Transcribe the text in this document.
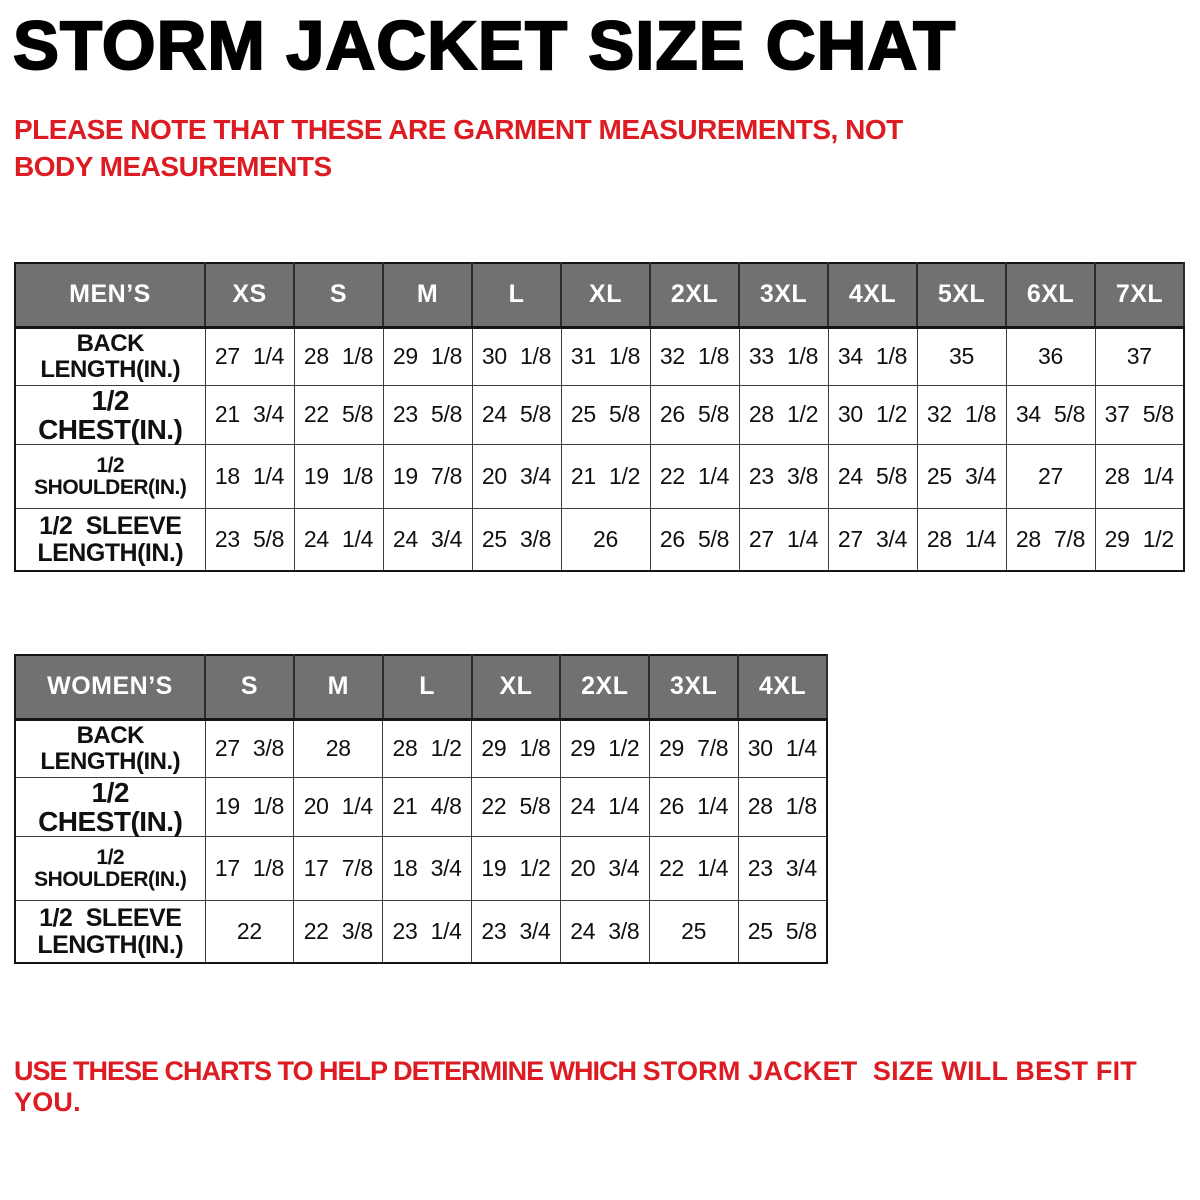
STORM JACKET SIZE CHAT

PLEASE NOTE THAT THESE ARE GARMENT MEASUREMENTS, NOT BODY MEASUREMENTS

MEN’S	XS	S	M	L	XL	2XL	3XL	4XL	5XL	6XL	7XL
BACK
LENGTH(IN.)	27 1/4	28 1/8	29 1/8	30 1/8	31 1/8	32 1/8	33 1/8	34 1/8	35	36	37
1/2 CHEST(IN.)	21 3/4	22 5/8	23 5/8	24 5/8	25 5/8	26 5/8	28 1/2	30 1/2	32 1/8	34 5/8	37 5/8
1/2 SHOULDER(IN.)	18 1/4	19 1/8	19 7/8	20 3/4	21 1/2	22 1/4	23 3/8	24 5/8	25 3/4	27	28 1/4
1/2 SLEEVE
LENGTH(IN.)	23 5/8	24 1/4	24 3/4	25 3/8	26	26 5/8	27 1/4	27 3/4	28 1/4	28 7/8	29 1/2
WOMEN’S	S	M	L	XL	2XL	3XL	4XL
BACK
LENGTH(IN.)	27 3/8	28	28 1/2	29 1/8	29 1/2	29 7/8	30 1/4
1/2 CHEST(IN.)	19 1/8	20 1/4	21 4/8	22 5/8	24 1/4	26 1/4	28 1/8
1/2 SHOULDER(IN.)	17 1/8	17 7/8	18 3/4	19 1/2	20 3/4	22 1/4	23 3/4
1/2 SLEEVE
LENGTH(IN.)	22	22 3/8	23 1/4	23 3/4	24 3/8	25	25 5/8

USE THESE CHARTS TO HELP DETERMINE WHICH STORM JACKET  SIZE WILL BEST FIT YOU.
